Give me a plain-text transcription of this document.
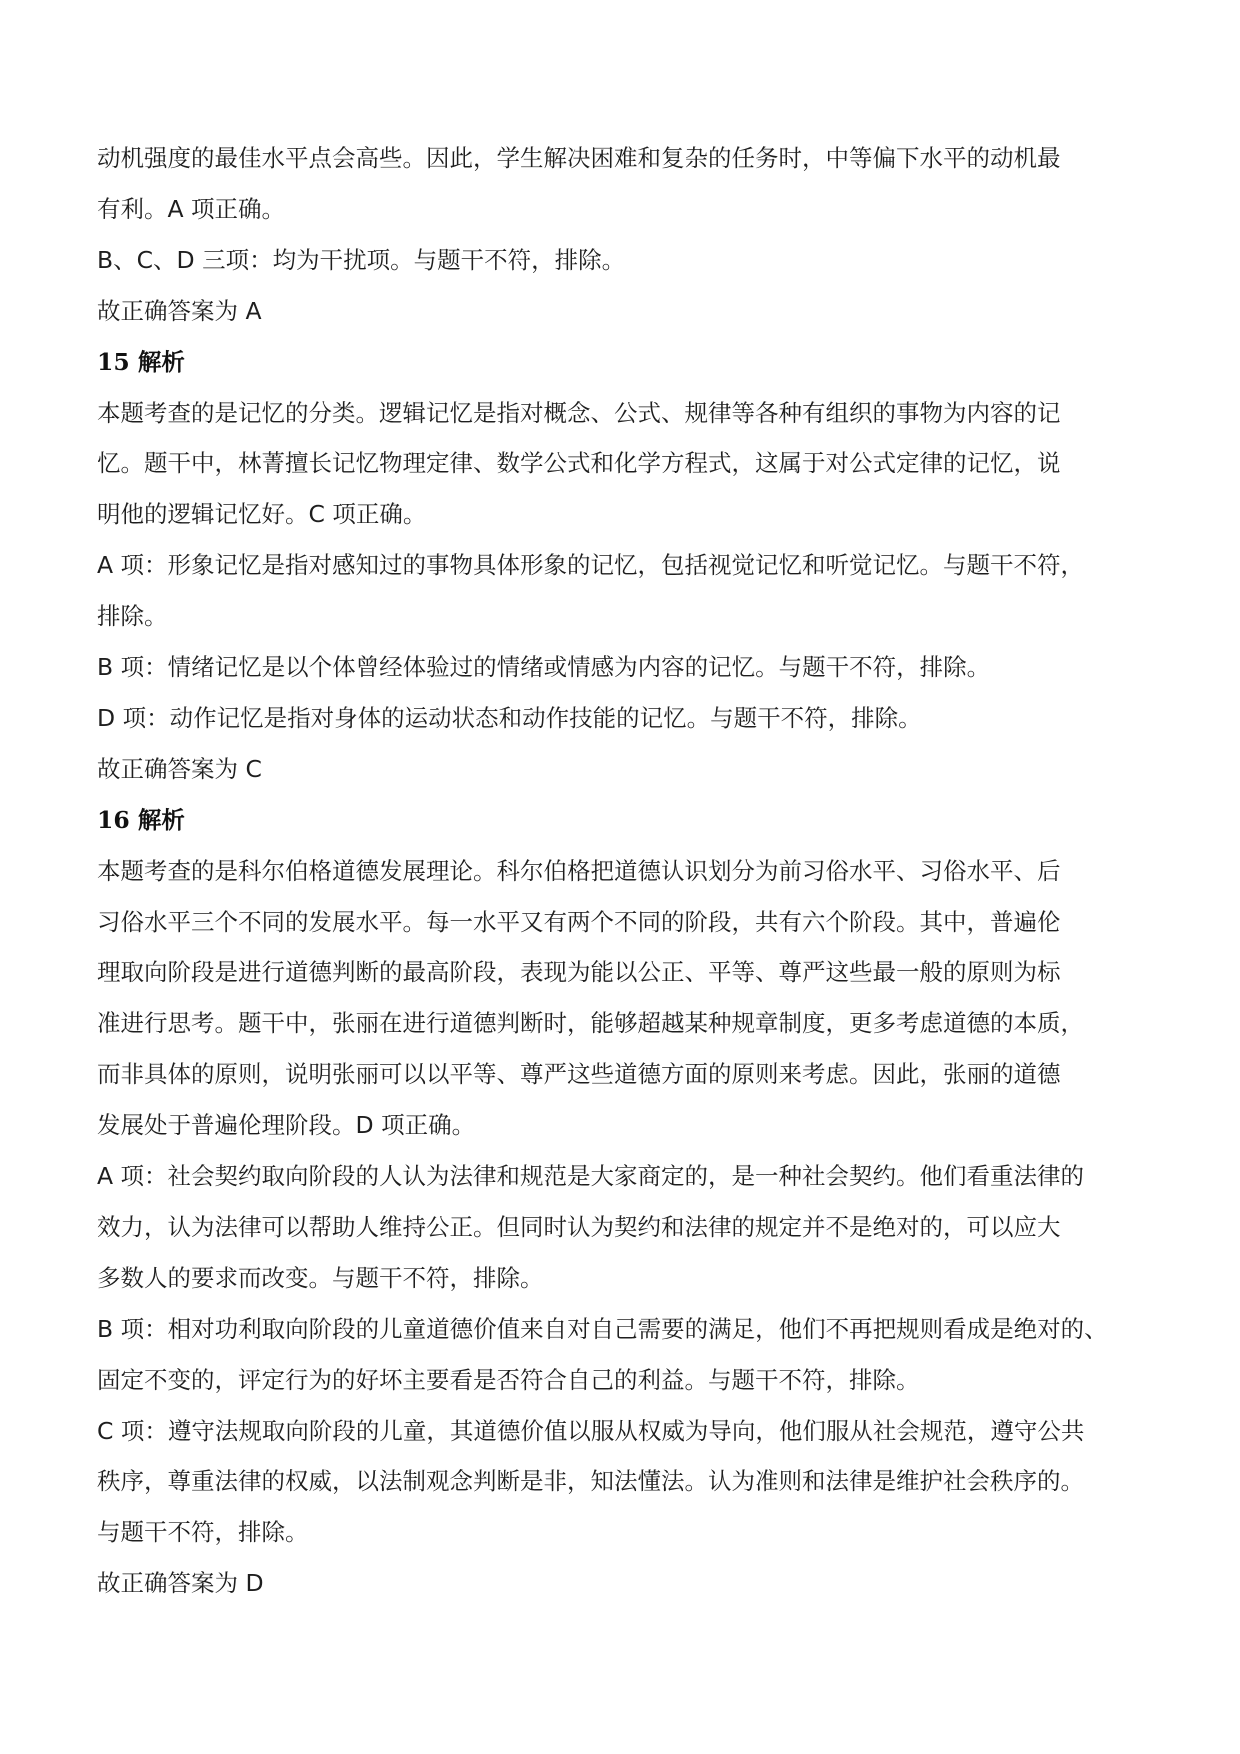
动机强度的最佳水平点会高些。因此，学生解决困难和复杂的任务时，中等偏下水平的动机最
有利。A 项正确。
B、C、D 三项：均为干扰项。与题干不符，排除。
故正确答案为 A
15 解析
本题考查的是记忆的分类。逻辑记忆是指对概念、公式、规律等各种有组织的事物为内容的记
忆。题干中，林菁擅长记忆物理定律、数学公式和化学方程式，这属于对公式定律的记忆，说
明他的逻辑记忆好。C 项正确。
A 项：形象记忆是指对感知过的事物具体形象的记忆，包括视觉记忆和听觉记忆。与题干不符，
排除。
B 项：情绪记忆是以个体曾经体验过的情绪或情感为内容的记忆。与题干不符，排除。
D 项：动作记忆是指对身体的运动状态和动作技能的记忆。与题干不符，排除。
故正确答案为 C
16 解析
本题考查的是科尔伯格道德发展理论。科尔伯格把道德认识划分为前习俗水平、习俗水平、后
习俗水平三个不同的发展水平。每一水平又有两个不同的阶段，共有六个阶段。其中，普遍伦
理取向阶段是进行道德判断的最高阶段，表现为能以公正、平等、尊严这些最一般的原则为标
准进行思考。题干中，张丽在进行道德判断时，能够超越某种规章制度，更多考虑道德的本质，
而非具体的原则，说明张丽可以以平等、尊严这些道德方面的原则来考虑。因此，张丽的道德
发展处于普遍伦理阶段。D 项正确。
A 项：社会契约取向阶段的人认为法律和规范是大家商定的，是一种社会契约。他们看重法律的
效力，认为法律可以帮助人维持公正。但同时认为契约和法律的规定并不是绝对的，可以应大
多数人的要求而改变。与题干不符，排除。
B 项：相对功利取向阶段的儿童道德价值来自对自己需要的满足，他们不再把规则看成是绝对的、
固定不变的，评定行为的好坏主要看是否符合自己的利益。与题干不符，排除。
C 项：遵守法规取向阶段的儿童，其道德价值以服从权威为导向，他们服从社会规范，遵守公共
秩序，尊重法律的权威，以法制观念判断是非，知法懂法。认为准则和法律是维护社会秩序的。
与题干不符，排除。
故正确答案为 D
